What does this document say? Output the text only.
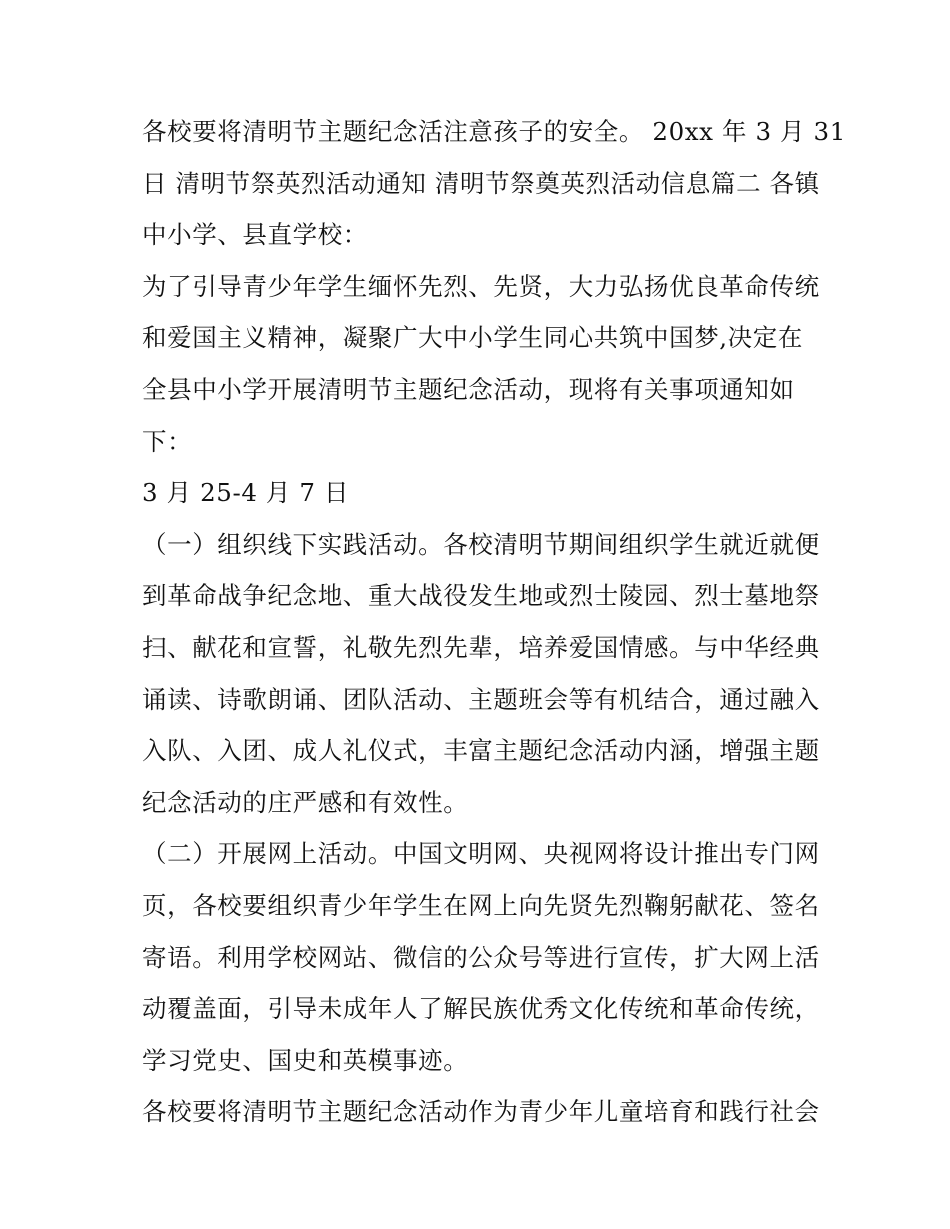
各校要将清明节主题纪念活注意孩子的安全。 20xx 年 3 月 31
日 清明节祭英烈活动通知 清明节祭奠英烈活动信息篇二 各镇
中小学、县直学校：
为了引导青少年学生缅怀先烈、先贤，大力弘扬优良革命传统
和爱国主义精神，凝聚广大中小学生同心共筑中国梦,决定在
全县中小学开展清明节主题纪念活动，现将有关事项通知如
下：
3 月 25-4 月 7 日
（一）组织线下实践活动。各校清明节期间组织学生就近就便
到革命战争纪念地、重大战役发生地或烈士陵园、烈士墓地祭
扫、献花和宣誓，礼敬先烈先辈，培养爱国情感。与中华经典
诵读、诗歌朗诵、团队活动、主题班会等有机结合，通过融入
入队、入团、成人礼仪式，丰富主题纪念活动内涵，增强主题
纪念活动的庄严感和有效性。
（二）开展网上活动。中国文明网、央视网将设计推出专门网
页，各校要组织青少年学生在网上向先贤先烈鞠躬献花、签名
寄语。利用学校网站、微信的公众号等进行宣传，扩大网上活
动覆盖面，引导未成年人了解民族优秀文化传统和革命传统，
学习党史、国史和英模事迹。
各校要将清明节主题纪念活动作为青少年儿童培育和践行社会
